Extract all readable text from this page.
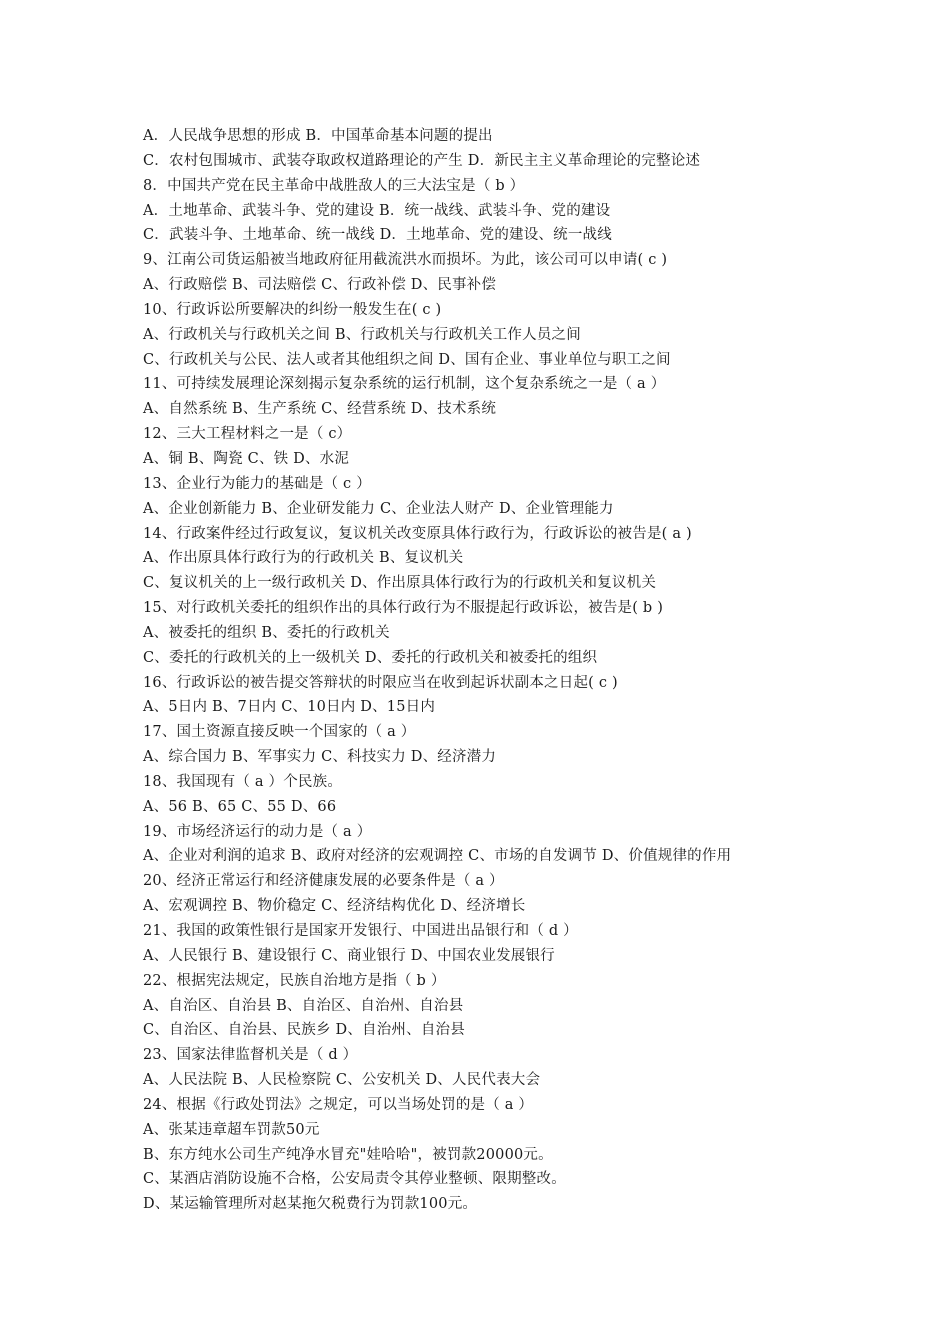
A．人民战争思想的形成 B．中国革命基本问题的提出
C．农村包围城市、武装夺取政权道路理论的产生 D．新民主主义革命理论的完整论述
8．中国共产党在民主革命中战胜敌人的三大法宝是（ b ）
A．土地革命、武装斗争、党的建设 B．统一战线、武装斗争、党的建设
C．武装斗争、土地革命、统一战线 D．土地革命、党的建设、统一战线
9、江南公司货运船被当地政府征用截流洪水而损坏。为此，该公司可以申请( c )
A、行政赔偿 B、司法赔偿 C、行政补偿 D、民事补偿
10、行政诉讼所要解决的纠纷一般发生在( c )
A、行政机关与行政机关之间 B、行政机关与行政机关工作人员之间
C、行政机关与公民、法人或者其他组织之间 D、国有企业、事业单位与职工之间
11、可持续发展理论深刻揭示复杂系统的运行机制，这个复杂系统之一是（ a ）
A、自然系统 B、生产系统 C、经营系统 D、技术系统
12、三大工程材料之一是（ c）
A、铜 B、陶瓷 C、铁 D、水泥
13、企业行为能力的基础是（ c ）
A、企业创新能力 B、企业研发能力 C、企业法人财产 D、企业管理能力
14、行政案件经过行政复议，复议机关改变原具体行政行为，行政诉讼的被告是( a )
A、作出原具体行政行为的行政机关 B、复议机关
C、复议机关的上一级行政机关 D、作出原具体行政行为的行政机关和复议机关
15、对行政机关委托的组织作出的具体行政行为不服提起行政诉讼，被告是( b )
A、被委托的组织 B、委托的行政机关
C、委托的行政机关的上一级机关 D、委托的行政机关和被委托的组织
16、行政诉讼的被告提交答辩状的时限应当在收到起诉状副本之日起( c )
A、5日内 B、7日内 C、10日内 D、15日内
17、国土资源直接反映一个国家的（ a ）
A、综合国力 B、军事实力 C、科技实力 D、经济潜力
18、我国现有（ a ）个民族。
A、56 B、65 C、55 D、66
19、市场经济运行的动力是（ a ）
A、企业对利润的追求 B、政府对经济的宏观调控 C、市场的自发调节 D、价值规律的作用
20、经济正常运行和经济健康发展的必要条件是（ a ）
A、宏观调控 B、物价稳定 C、经济结构优化 D、经济增长
21、我国的政策性银行是国家开发银行、中国进出品银行和（ d ）
A、人民银行 B、建设银行 C、商业银行 D、中国农业发展银行
22、根据宪法规定，民族自治地方是指（ b ）
A、自治区、自治县 B、自治区、自治州、自治县
C、自治区、自治县、民族乡 D、自治州、自治县
23、国家法律监督机关是（ d ）
A、人民法院 B、人民检察院 C、公安机关 D、人民代表大会
24、根据《行政处罚法》之规定，可以当场处罚的是（ a ）
A、张某违章超车罚款50元
B、东方纯水公司生产纯净水冒充"娃哈哈"，被罚款20000元。
C、某酒店消防设施不合格，公安局责令其停业整顿、限期整改。
D、某运输管理所对赵某拖欠税费行为罚款100元。
